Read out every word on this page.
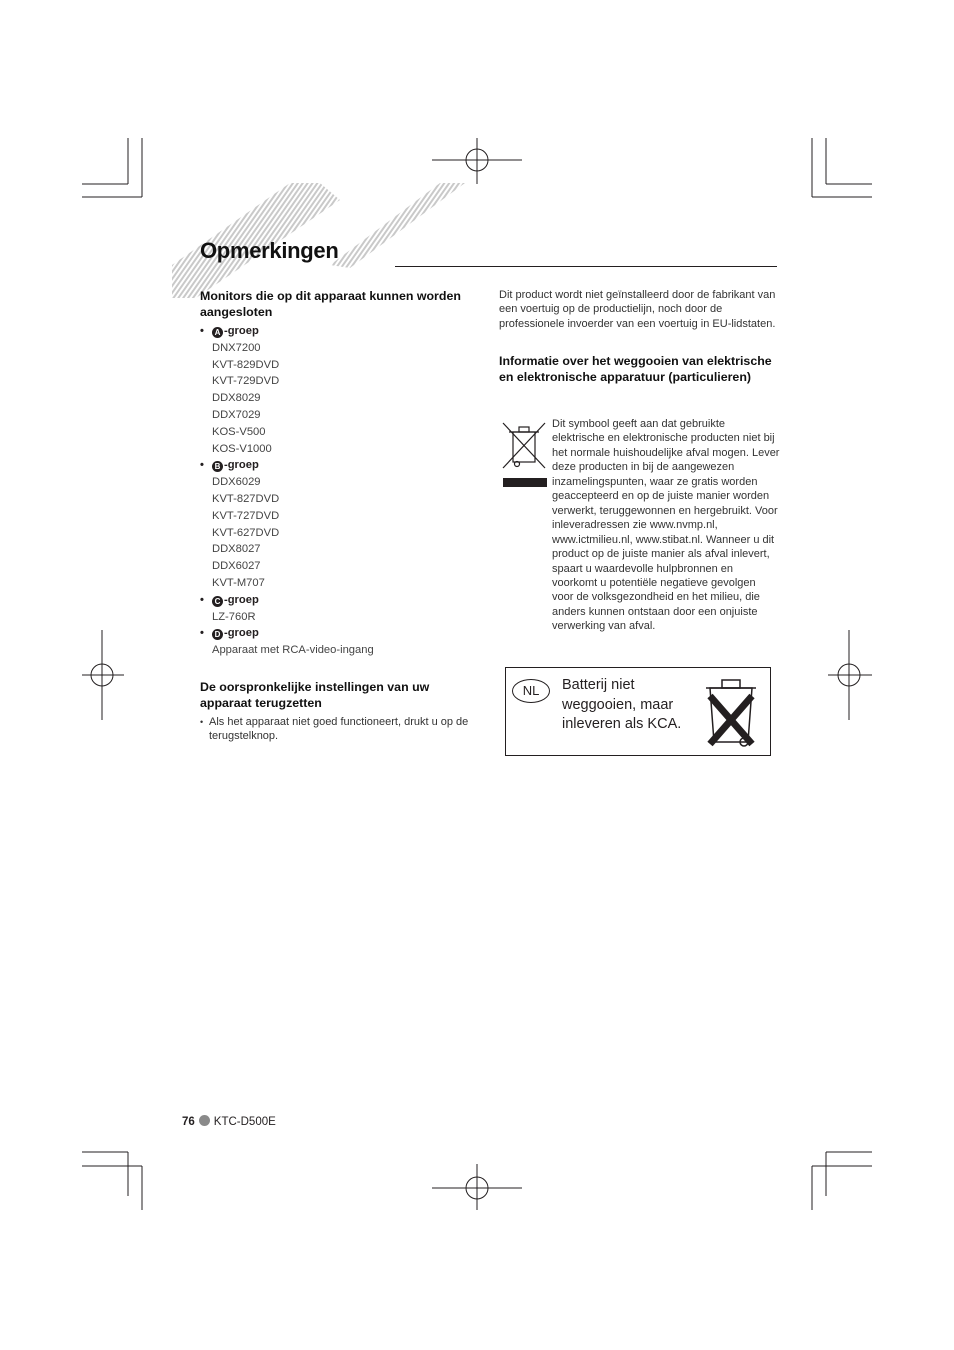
Opmerkingen
Monitors die op dit apparaat kunnen worden aangesloten
• A -groep
DNX7200
KVT-829DVD
KVT-729DVD
DDX8029
DDX7029
KOS-V500
KOS-V1000
• B -groep
DDX6029
KVT-827DVD
KVT-727DVD
KVT-627DVD
DDX8027
DDX6027
KVT-M707
• C -groep
LZ-760R
• D -groep
Apparaat met RCA-video-ingang
De oorspronkelijke instellingen van uw apparaat terugzetten
• Als het apparaat niet goed functioneert, drukt u op de terugstelknop.

Dit product wordt niet geïnstalleerd door de fabrikant van een voertuig op de productielijn, noch door de professionele invoerder van een voertuig in EU-lidstaten.

Informatie over het weggooien van elektrische en elektronische apparatuur (particulieren)
Dit symbool geeft aan dat gebruikte elektrische en elektronische producten niet bij het normale huishoudelijke afval mogen. Lever deze producten in bij de aangewezen inzamelingspunten, waar ze gratis worden geaccepteerd en op de juiste manier worden verwerkt, teruggewonnen en hergebruikt. Voor inleveradressen zie www.nvmp.nl, www.ictmilieu.nl, www.stibat.nl. Wanneer u dit product op de juiste manier als afval inlevert, spaart u waardevolle hulpbronnen en voorkomt u potentiële negatieve gevolgen voor de volksgezondheid en het milieu, die anders kunnen ontstaan door een onjuiste verwerking van afval.
NL	Batterij niet weggooien, maar inleveren als KCA.
76 KTC-D500E
